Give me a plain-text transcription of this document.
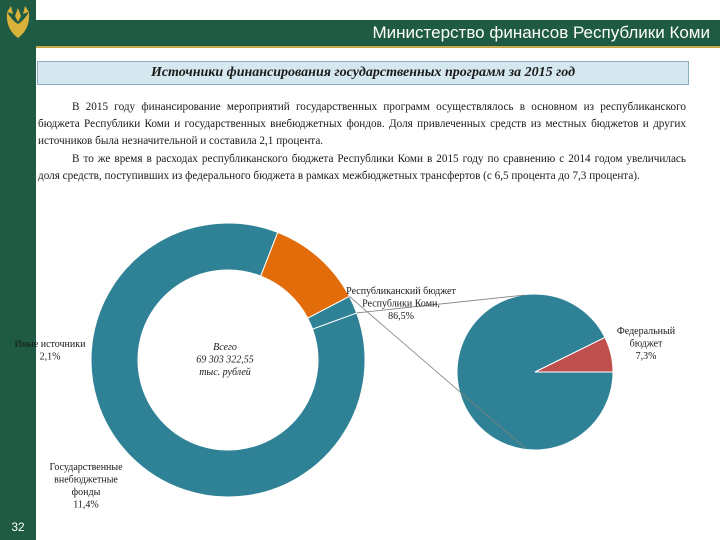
Министерство финансов Республики Коми
32
Источники финансирования государственных программ за 2015 год

В 2015 году финансирование мероприятий государственных программ осуществлялось в основном из республиканского бюджета Республики Коми и государственных внебюджетных фондов. Доля привлеченных средств из местных бюджетов и других источников была незначительной и составила 2,1 процента.

В то же время в расходах республиканского бюджета Республики Коми в 2015 году по сравнению с 2014 годом увеличилась доля средств, поступивших из федерального бюджета в рамках межбюджетных трансфертов (с 6,5 процента до 7,3 процента).

Республиканский бюджет Республики Коми, 86,5%
Государственные внебюджетные фонды 11,4%
Иные источники 2,1%
Всего 69 303 322,55 тыс. рублей
Федеральный бюджет 7,3%
